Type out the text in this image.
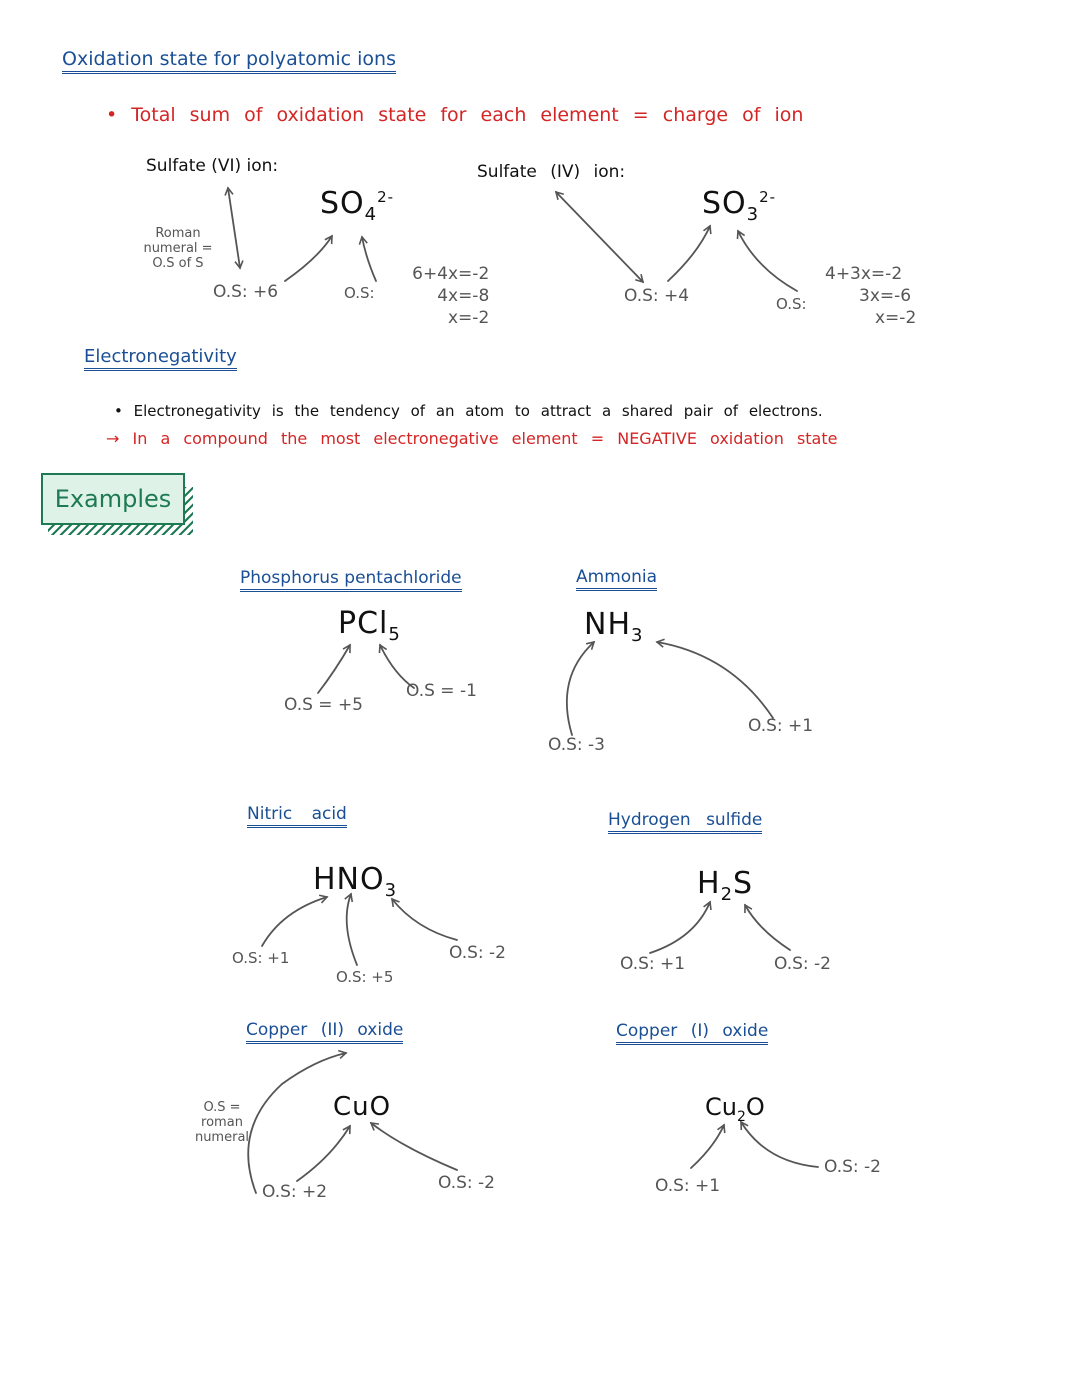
Oxidation state for polyatomic ions
• Total sum of oxidation state for each element = charge of ion
Sulfate (VI) ion:
$SO_4^{2-}$
Roman
numeral =
O.S of S
O.S: +6	O.S:
6+4x=-2
4x=-8
x=-2
Sulfate (IV) ion:
$SO_3^{2-}$
O.S: +4	O.S:
4+3x=-2
3x=-6
x=-2
Electronegativity
• Electronegativity is the tendency of an atom to attract a shared pair of electrons.
→ In a compound the most electronegative element = NEGATIVE oxidation state
Examples
Phosphorus pentachloride
PCl$_5$
O.S = +5
O.S = -1
Ammonia
$NH_3$
O.S: -3
O.S: +1
Nitric acid
$HNO_3$
O.S: +1
O.S: +5
O.S: -2
Hydrogen sulfide
$H_2S$
O.S: +1	O.S: -2
Copper (II) oxide
CuO
O.S =
roman
numeral
O.S: +2	O.S: -2
Copper (I) oxide
$Cu_2O$
O.S: +1
O.S: -2
